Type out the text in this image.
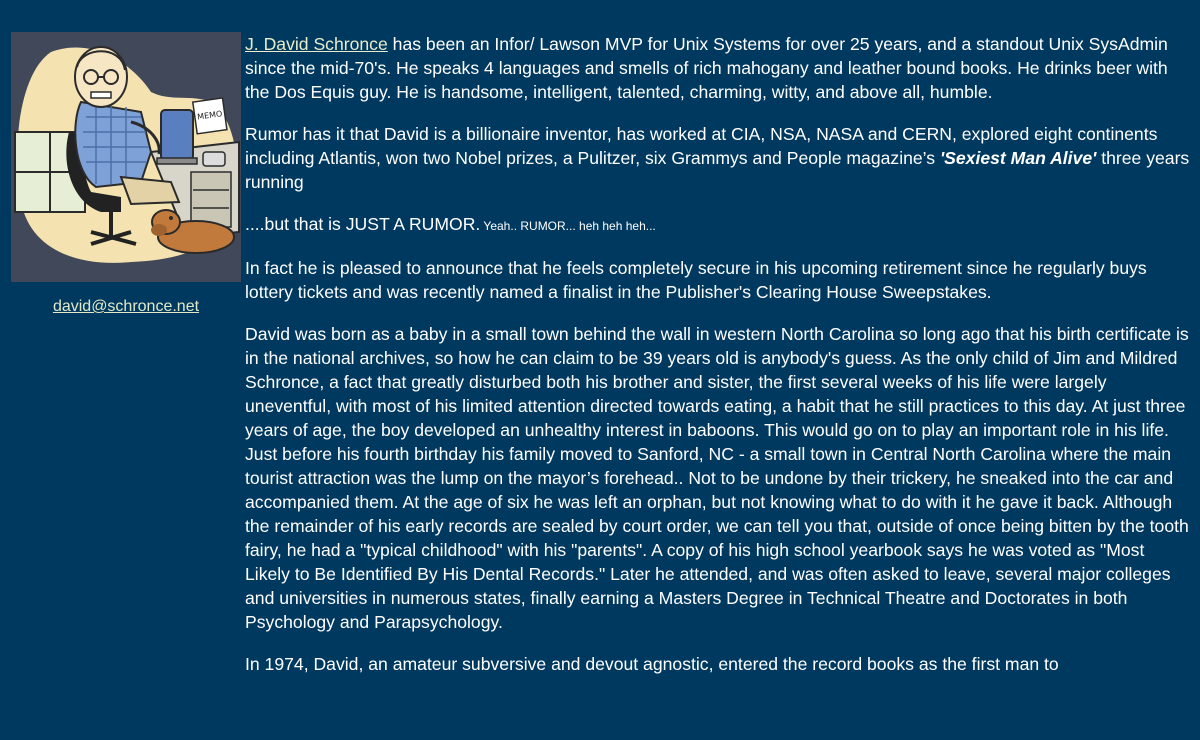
MEMO
david@schronce.net

J. David Schronce has been an Infor/ Lawson MVP for Unix Systems for over 25 years, and a standout Unix SysAdmin since the mid-70's. He speaks 4 languages and smells of rich mahogany and leather bound books. He drinks beer with the Dos Equis guy. He is handsome, intelligent, talented, charming, witty, and above all, humble.

Rumor has it that David is a billionaire inventor, has worked at CIA, NSA, NASA and CERN, explored eight continents including Atlantis, won two Nobel prizes, a Pulitzer, six Grammys and People magazine’s 'Sexiest Man Alive' three years running

....but that is JUST A RUMOR. Yeah.. RUMOR... heh heh heh...

In fact he is pleased to announce that he feels completely secure in his upcoming retirement since he regularly buys lottery tickets and was recently named a finalist in the Publisher's Clearing House Sweepstakes.

David was born as a baby in a small town behind the wall in western North Carolina so long ago that his birth certificate is in the national archives, so how he can claim to be 39 years old is anybody's guess. As the only child of Jim and Mildred Schronce, a fact that greatly disturbed both his brother and sister, the first several weeks of his life were largely uneventful, with most of his limited attention directed towards eating, a habit that he still practices to this day. At just three years of age, the boy developed an unhealthy interest in baboons. This would go on to play an important role in his life. Just before his fourth birthday his family moved to Sanford, NC - a small town in Central North Carolina where the main tourist attraction was the lump on the mayor’s forehead.. Not to be undone by their trickery, he sneaked into the car and accompanied them. At the age of six he was left an orphan, but not knowing what to do with it he gave it back. Although the remainder of his early records are sealed by court order, we can tell you that, outside of once being bitten by the tooth fairy, he had a "typical childhood" with his "parents". A copy of his high school yearbook says he was voted as "Most Likely to Be Identified By His Dental Records." Later he attended, and was often asked to leave, several major colleges and universities in numerous states, finally earning a Masters Degree in Technical Theatre and Doctorates in both Psychology and Parapsychology.

In 1974, David, an amateur subversive and devout agnostic, entered the record books as the first man to
